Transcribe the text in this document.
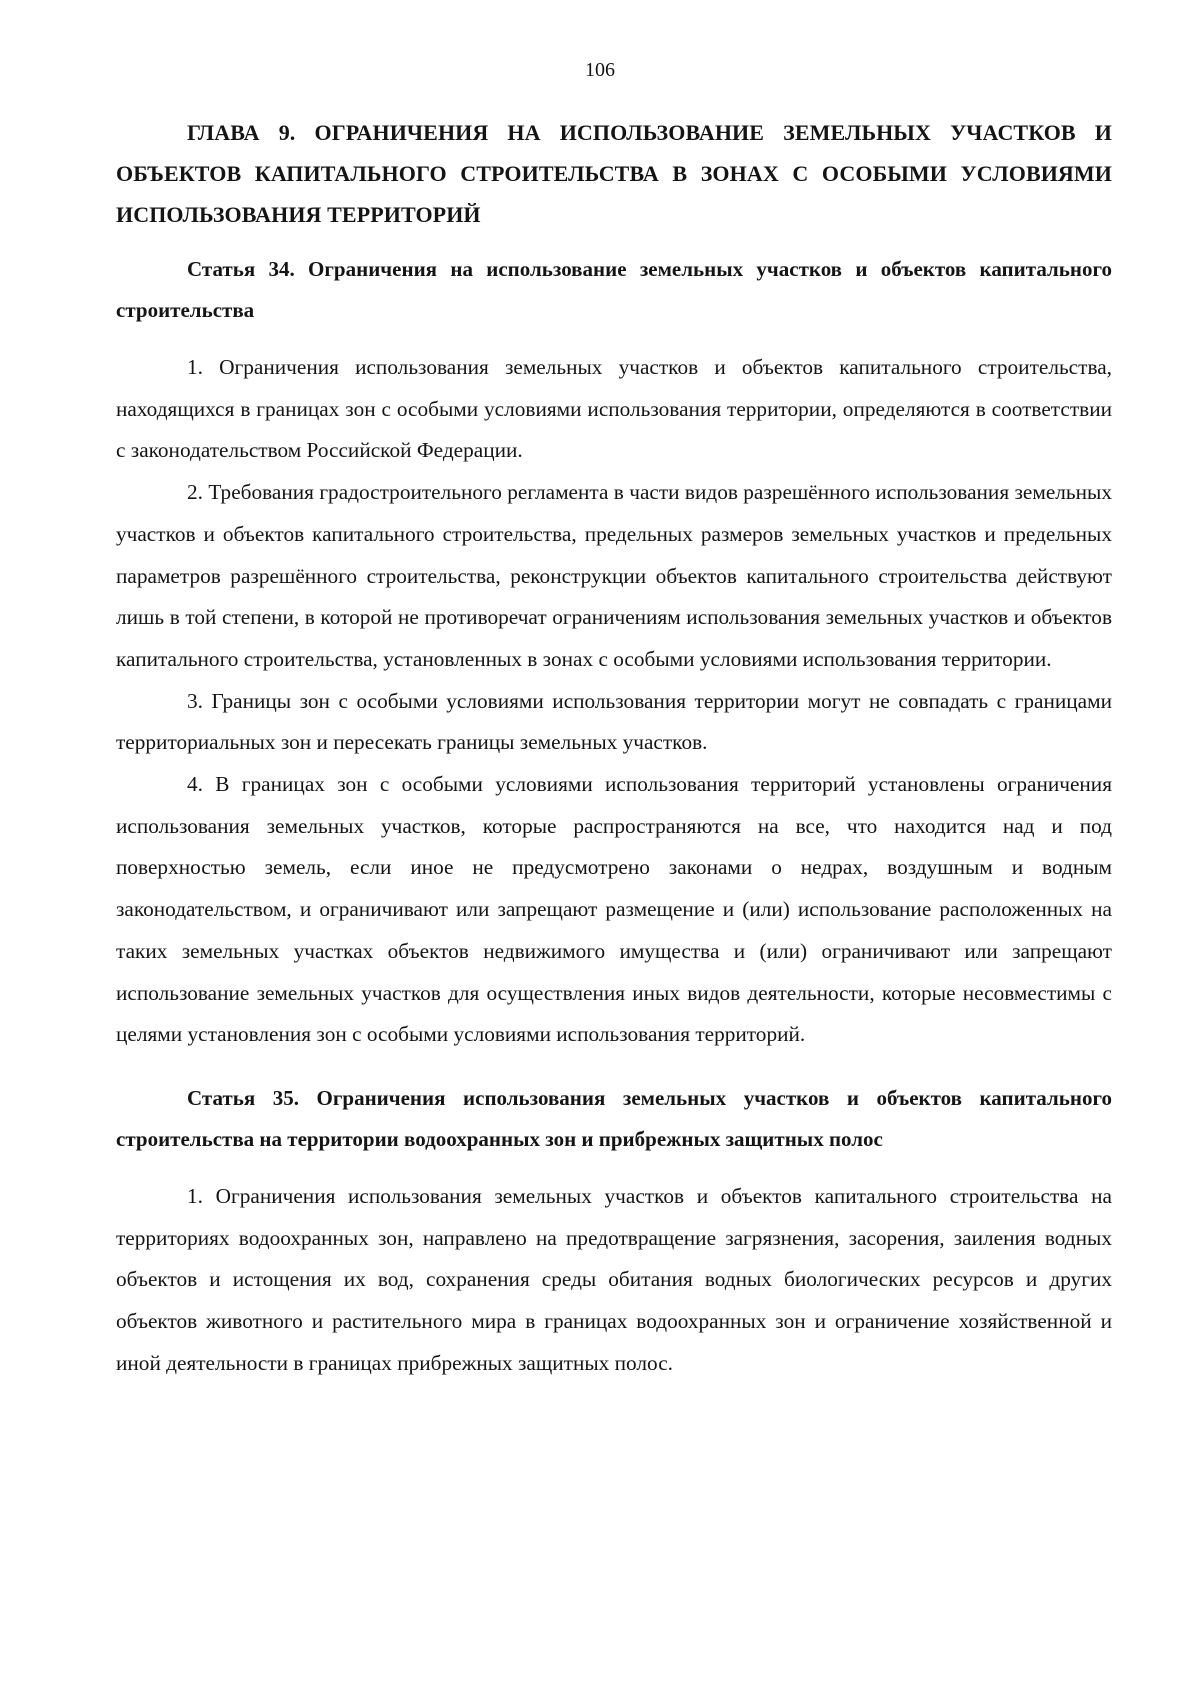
106
ГЛАВА 9. ОГРАНИЧЕНИЯ НА ИСПОЛЬЗОВАНИЕ ЗЕМЕЛЬНЫХ УЧАСТКОВ И ОБЪЕКТОВ КАПИТАЛЬНОГО СТРОИТЕЛЬСТВА В ЗОНАХ С ОСОБЫМИ УСЛОВИЯМИ ИСПОЛЬЗОВАНИЯ ТЕРРИТОРИЙ
Статья 34. Ограничения на использование земельных участков и объектов капитального строительства

1. Ограничения использования земельных участков и объектов капитального строительства, находящихся в границах зон с особыми условиями использования территории, определяются в соответствии с законодательством Российской Федерации.

2. Требования градостроительного регламента в части видов разрешённого использования земельных участков и объектов капитального строительства, предельных размеров земельных участков и предельных параметров разрешённого строительства, реконструкции объектов капитального строительства действуют лишь в той степени, в которой не противоречат ограничениям использования земельных участков и объектов капитального строительства, установленных в зонах с особыми условиями использования территории.

3. Границы зон с особыми условиями использования территории могут не совпадать с границами территориальных зон и пересекать границы земельных участков.

4. В границах зон с особыми условиями использования территорий установлены ограничения использования земельных участков, которые распространяются на все, что находится над и под поверхностью земель, если иное не предусмотрено законами о недрах, воздушным и водным законодательством, и ограничивают или запрещают размещение и (или) использование расположенных на таких земельных участках объектов недвижимого имущества и (или) ограничивают или запрещают использование земельных участков для осуществления иных видов деятельности, которые несовместимы с целями установления зон с особыми условиями использования территорий.

Статья 35. Ограничения использования земельных участков и объектов капитального строительства на территории водоохранных зон и прибрежных защитных полос

1. Ограничения использования земельных участков и объектов капитального строительства на территориях водоохранных зон, направлено на предотвращение загрязнения, засорения, заиления водных объектов и истощения их вод, сохранения среды обитания водных биологических ресурсов и других объектов животного и растительного мира в границах водоохранных зон и ограничение хозяйственной и иной деятельности в границах прибрежных защитных полос.
